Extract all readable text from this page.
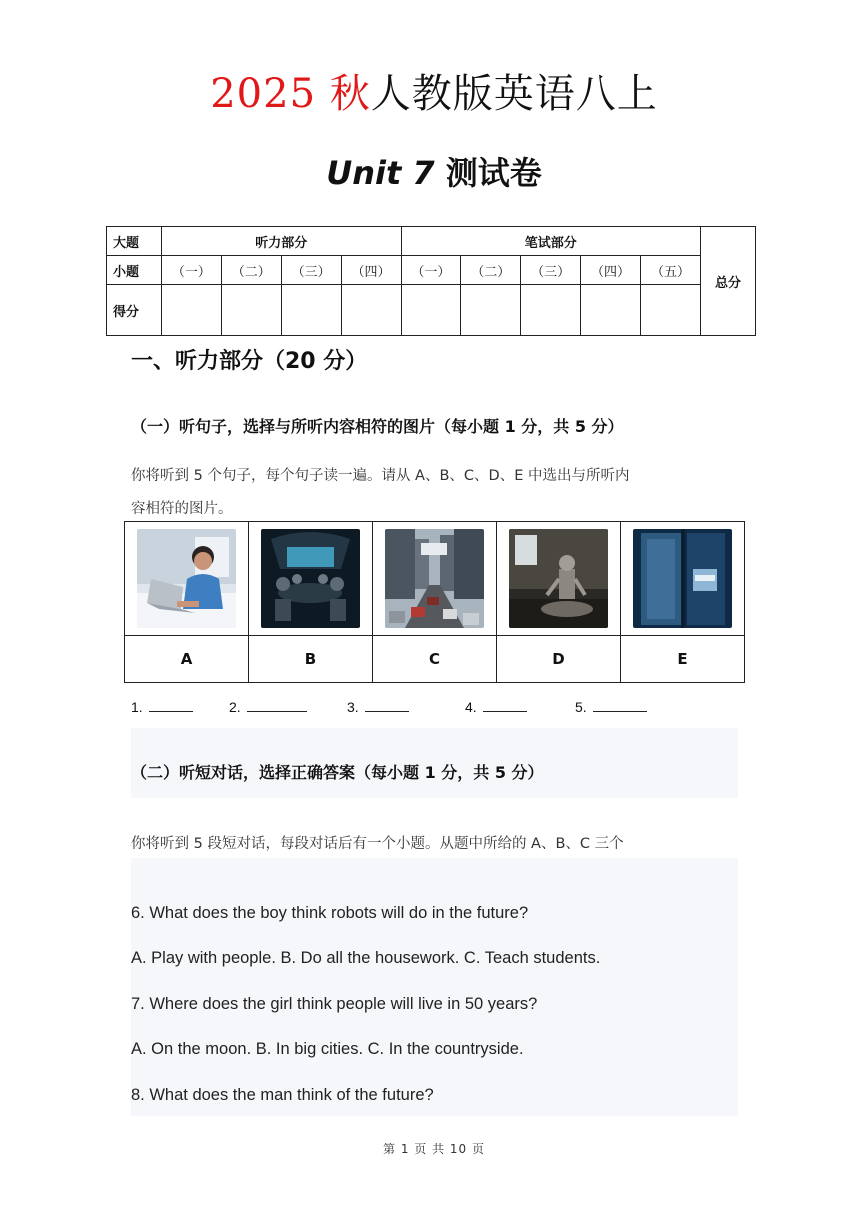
2025 秋人教版英语八上
Unit 7 测试卷
大题	听力部分				笔试部分					总分
小题	（一）	（二）	（三）	（四）	（一）	（二）	（三）	（四）	（五）	
得分										
一、听力部分（20 分）
（一）听句子，选择与所听内容相符的图片（每小题 1 分，共 5 分）
你将听到 5 个句子，每个句子读一遍。请从 A、B、C、D、E 中选出与所听内
容相符的图片。

A	B	C	D	E
1.	2.	3.	4.	5.
（二）听短对话，选择正确答案（每小题 1 分，共 5 分）
你将听到 5 段短对话，每段对话后有一个小题。从题中所给的 A、B、C 三个
6. What does the boy think robots will do in the future?
A. Play with people. B. Do all the housework. C. Teach students.
7. Where does the girl think people will live in 50 years?
A. On the moon. B. In big cities. C. In the countryside.
8. What does the man think of the future?
第 1 页 共 10 页
